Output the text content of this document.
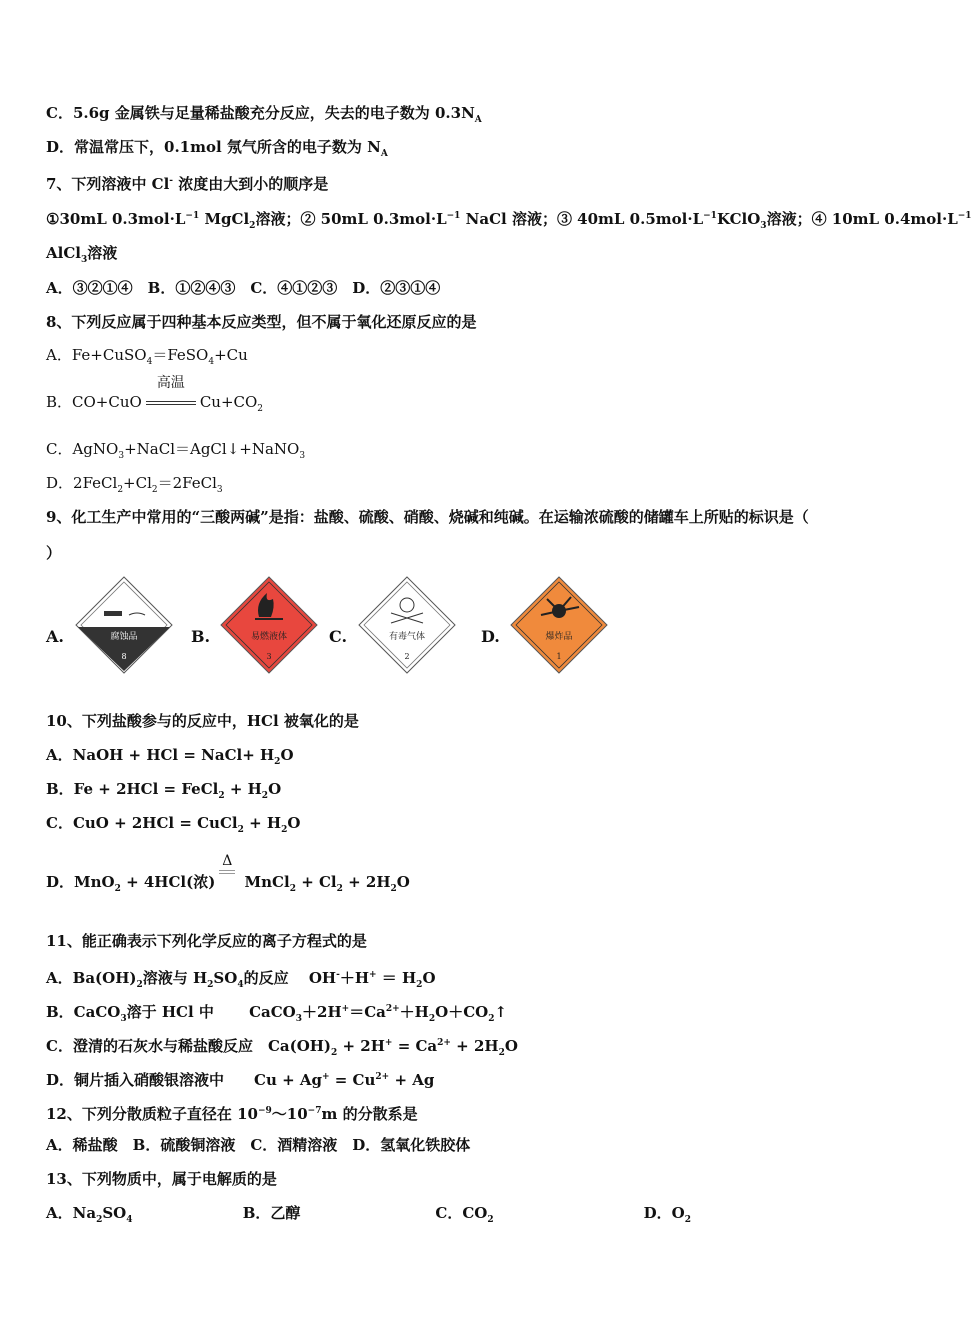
C．5.6g 金属铁与足量稀盐酸充分反应，失去的电子数为 $0.3N_A$
D．常温常压下，0.1mol 氖气所含的电子数为 $N_A$
7、下列溶液中 Cl- 浓度由大到小的顺序是
①30mL $0.3mol\cdot L^{-1}$ MgCl$_2$溶液；② 50mL $0.3mol\cdot L^{-1}$ NaCl 溶液；③ 40mL $0.5mol\cdot L^{-1}KClO_3$溶液；④ 10mL $0.4mol\cdot L^{-1}$
AlCl$_3$溶液
A．③②①④　B．①②④③　C．④①②③　D．②③①④
8、下列反应属于四种基本反应类型，但不属于氧化还原反应的是
A．Fe+CuSO$_4$＝FeSO$_4$+Cu
B．CO+CuO
高温
$Cu+CO_2$
C．AgNO$_3$+NaCl＝AgCl↓+NaNO$_3$
D．$2FeCl_2+Cl_2=2FeCl_3$
9、化工生产中常用的“三酸两碱”是指：盐酸、硫酸、硝酸、烧碱和纯碱。在运输浓硫酸的储罐车上所贴的标识是（
）
10、下列盐酸参与的反应中，HCl 被氧化的是
A．NaOH + HCl = NaCl+ $H_2O$
B．Fe + 2HCl = FeCl$_2$ + $H_2O$
C．CuO + 2HCl = CuCl$_2$ + $H_2O$
D．MnO$_2$ + 4HCl(浓)
Δ
MnCl$_2$ + $Cl_2 + 2H_2O$
11、能正确表示下列化学反应的离子方程式的是
A．$Ba(OH)_2$溶液与 $H_2SO_4$的反应　 $OH^-+H^+ = H_2O$
B．CaCO$_3$溶于 HCl 中　　 $CaCO_3+2H^+=Ca^{2+}+H_2O+CO_2↑$
C．澄清的石灰水与稀盐酸反应　$Ca(OH)_2 + 2H^+ = Ca^{2+} + 2H_2O$
D．铜片插入硝酸银溶液中　　$Cu + Ag^+ = Cu^{2+} + Ag$
12、下列分散质粒子直径在 $10^{-9}\sim 10^{-7}m$ 的分散系是
A．稀盐酸　B．硫酸铜溶液　C．酒精溶液　D．氢氧化铁胶体
13、下列物质中，属于电解质的是
A．$Na_2SO_4$　　　　　　　 B．乙醇　　　　　　　　　C．$CO_2$　　　　　　　　　　D．$O_2$
A.	腐蚀品
8
B.	易燃液体
3
C.	有毒气体
2
D.	爆炸品
1
